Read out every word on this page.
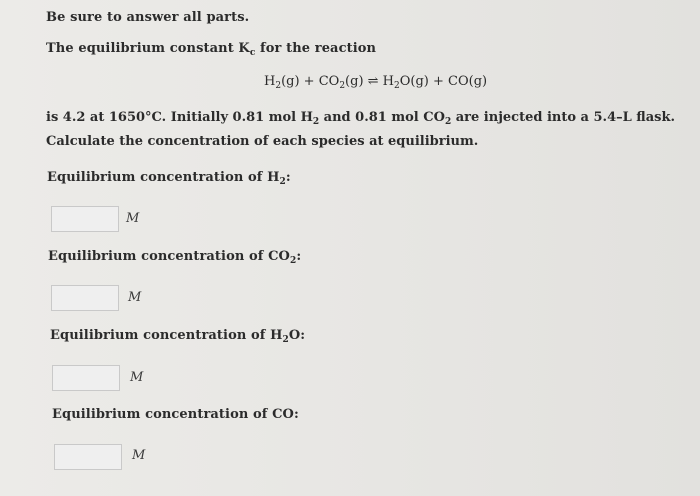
Be sure to answer all parts.
The equilibrium constant $K_c$ for the reaction
$H_2(g) + CO_2(g)$ ⇌ $H_2O(g) + CO(g)$
is 4.2 at 1650°C. Initially 0.81 mol $H_2$ and 0.81 mol $CO_2$ are injected into a 5.4–L flask. Calculate the concentration of each species at equilibrium.
Equilibrium concentration of $H_2$:
M
Equilibrium concentration of $CO_2$:
M
Equilibrium concentration of $H_2O$:
M
Equilibrium concentration of CO:
M
